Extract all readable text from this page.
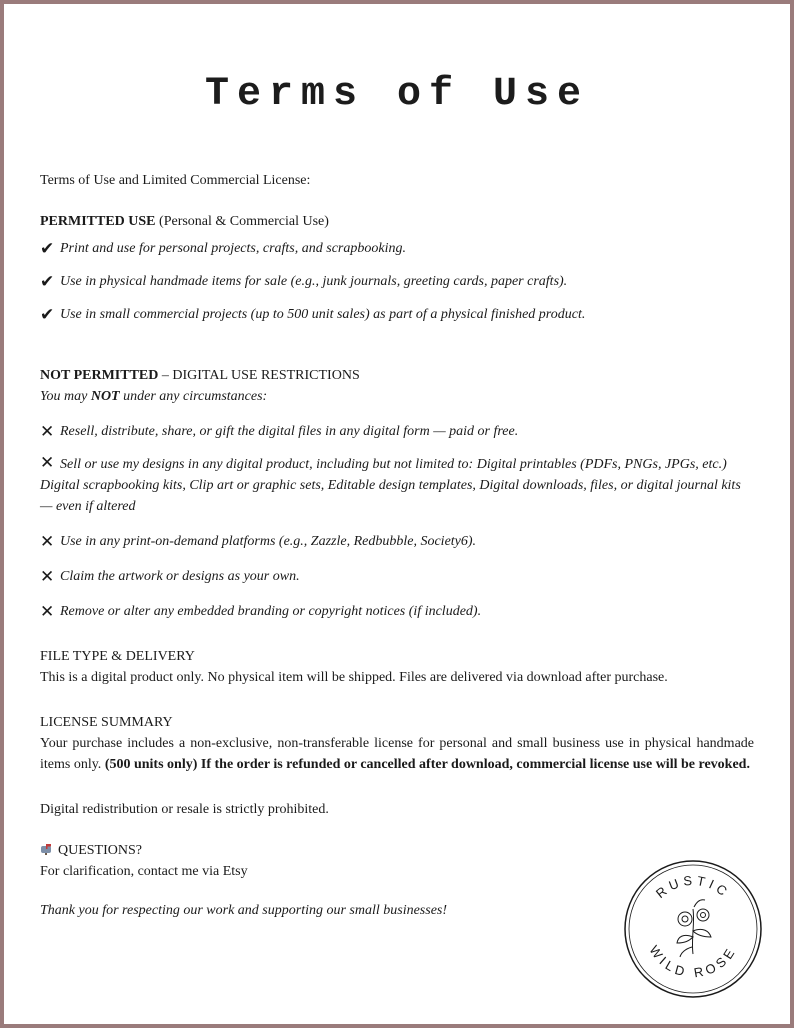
Terms of Use

Terms of Use and Limited Commercial License:

PERMITTED USE (Personal & Commercial Use)

✔ Print and use for personal projects, crafts, and scrapbooking.
✔ Use in physical handmade items for sale (e.g., junk journals, greeting cards, paper crafts).
✔ Use in small commercial projects (up to 500 unit sales) as part of a physical finished product.

NOT PERMITTED – DIGITAL USE RESTRICTIONS

You may NOT under any circumstances:

✕ Resell, distribute, share, or gift the digital files in any digital form — paid or free.
✕ Sell or use my designs in any digital product, including but not limited to: Digital printables (PDFs, PNGs, JPGs, etc.)
Digital scrapbooking kits, Clip art or graphic sets, Editable design templates, Digital downloads, files, or digital journal kits
— even if altered
✕ Use in any print-on-demand platforms (e.g., Zazzle, Redbubble, Society6).
✕ Claim the artwork or designs as your own.
✕ Remove or alter any embedded branding or copyright notices (if included).

FILE TYPE & DELIVERY

This is a digital product only. No physical item will be shipped. Files are delivered via download after purchase.

LICENSE SUMMARY

Your purchase includes a non-exclusive, non-transferable license for personal and small business use in physical handmade items only. (500 units only) If the order is refunded or cancelled after download, commercial license use will be revoked.

Digital redistribution or resale is strictly prohibited.

QUESTIONS?

For clarification, contact me via Etsy

Thank you for respecting our work and supporting our small businesses!

RUSTIC
WILD ROSE
